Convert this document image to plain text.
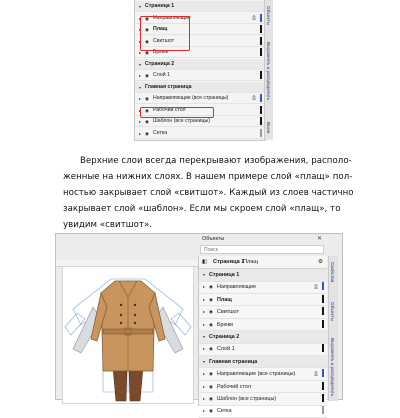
▾ Страница 1
▸ ◉ Направляющие	⎙
▸ ◉ Плащ
▸ ◉ Свитшот
▸ ◉ Брюки
▾ Страница 2
▸ ◉ Слой 1
▾ Главная страница
▸ ◉ Направляющие (все страницы)	⎙
▸ ◉ Рабочий стол
▸ ◉ Шаблон (все страницы)
▸ ◉ Сетка
Объекты
Выровнять и распределить
Выни
Верхние слои всегда перекрывают изображения, располо-
женные на нижних слоях. В нашем примере слой «плащ» пол-
ностью закрывает слой «свитшот». Каждый из слоев частично
закрывает слой «шаблон». Если мы скроем слой «плащ», то
увидим «свитшот».
Объекты	✕
Поиск
◧ Страница 1
Плащ	⚙
▾ Страница 1
▸ ◉ Направляющие	⎙
▸ ◉ Плащ
▸ ◉ Свитшот
▸ ◉ Брюки
▾ Страница 2
▸ ◉ Слой 1
▾ Главная страница
▸ ◉ Направляющие (все страницы)	⎙
▸ ◉ Рабочий стол
▸ ◉ Шаблон (все страницы)
▸ ◉ Сетка
Свойства
Объекты
Выровнять и распределить
